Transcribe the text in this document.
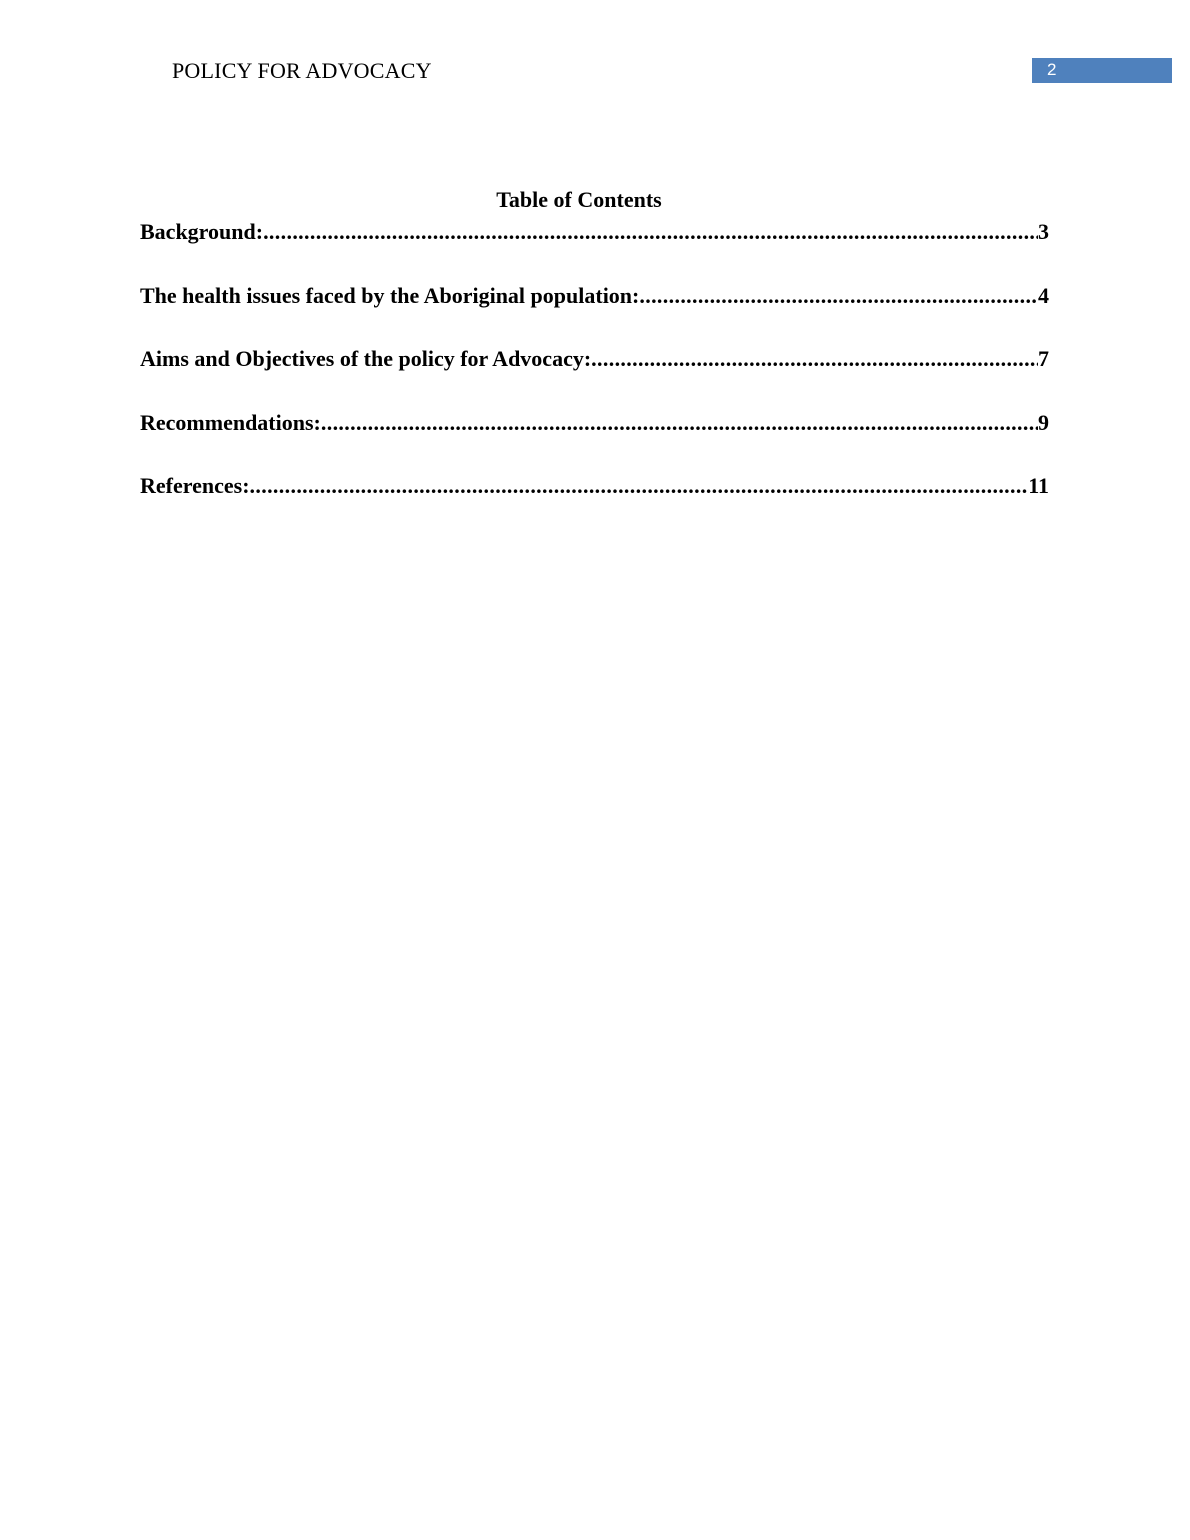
POLICY FOR ADVOCACY	2
Table of Contents
Background: .....	3
The health issues faced by the Aboriginal population: .....	4
Aims and Objectives of the policy for Advocacy: .....	7
Recommendations: .....	9
References: .....	11
